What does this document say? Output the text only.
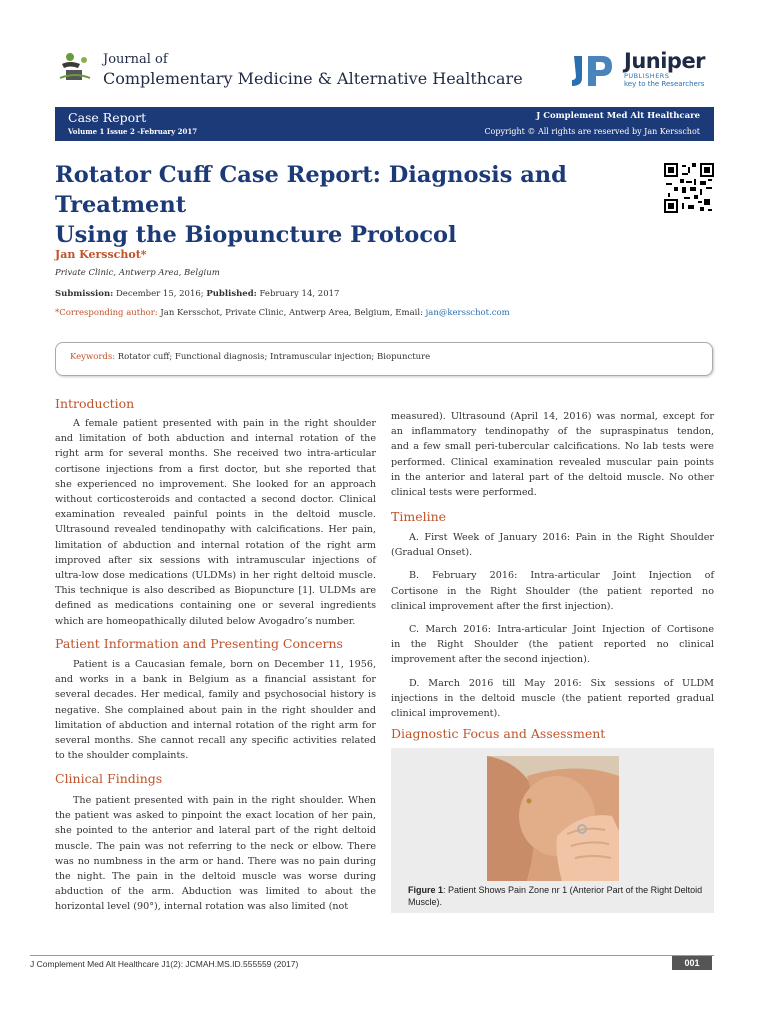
Journal of
Complementary Medicine & Alternative Healthcare
Juniper
PUBLISHERS
key to the Researchers
Case Report
Volume 1 Issue 2 -February 2017
J Complement Med Alt Healthcare
Copyright © All rights are reserved by Jan Kersschot
Rotator Cuff Case Report: Diagnosis and Treatment
Using the Biopuncture Protocol
Jan Kersschot*
Private Clinic, Antwerp Area, Belgium
Submission: December 15, 2016; Published: February 14, 2017
*Corresponding author: Jan Kersschot, Private Clinic, Antwerp Area, Belgium, Email: jan@kersschot.com
Keywords: Rotator cuff; Functional diagnosis; Intramuscular injection; Biopuncture
Introduction
A female patient presented with pain in the right shoulder
and limitation of both abduction and internal rotation of the
right arm for several months. She received two intra-articular
cortisone injections from a first doctor, but she reported that
she experienced no improvement. She looked for an approach
without corticosteroids and contacted a second doctor. Clinical
examination revealed painful points in the deltoid muscle.
Ultrasound revealed tendinopathy with calcifications. Her pain,
limitation of abduction and internal rotation of the right arm
improved after six sessions with intramuscular injections of
ultra-low dose medications (ULDMs) in her right deltoid muscle.
This technique is also described as Biopuncture [1]. ULDMs are
defined as medications containing one or several ingredients
which are homeopathically diluted below Avogadro’s number.
Patient Information and Presenting Concerns
Patient is a Caucasian female, born on December 11, 1956,
and works in a bank in Belgium as a financial assistant for
several decades. Her medical, family and psychosocial history is
negative. She complained about pain in the right shoulder and
limitation of abduction and internal rotation of the right arm for
several months. She cannot recall any specific activities related
to the shoulder complaints.
Clinical Findings
The patient presented with pain in the right shoulder. When
the patient was asked to pinpoint the exact location of her pain,
she pointed to the anterior and lateral part of the right deltoid
muscle. The pain was not referring to the neck or elbow. There
was no numbness in the arm or hand. There was no pain during
the night. The pain in the deltoid muscle was worse during
abduction of the arm. Abduction was limited to about the
horizontal level (90°), internal rotation was also limited (not
measured). Ultrasound (April 14, 2016) was normal, except for
an inflammatory tendinopathy of the supraspinatus tendon,
and a few small peri-tubercular calcifications. No lab tests were
performed. Clinical examination revealed muscular pain points
in the anterior and lateral part of the deltoid muscle. No other
clinical tests were performed.
Timeline
A. First Week of January 2016: Pain in the Right Shoulder
(Gradual Onset).
B. February 2016: Intra-articular Joint Injection of
Cortisone in the Right Shoulder (the patient reported no
clinical improvement after the first injection).
C. March 2016: Intra-articular Joint Injection of Cortisone
in the Right Shoulder (the patient reported no clinical
improvement after the second injection).
D. March 2016 till May 2016: Six sessions of ULDM
injections in the deltoid muscle (the patient reported gradual
clinical improvement).
Diagnostic Focus and Assessment
Figure 1: Patient Shows Pain Zone nr 1 (Anterior Part of the Right Deltoid Muscle).
J Complement Med Alt Healthcare J1(2): JCMAH.MS.ID.555559 (2017)	001
